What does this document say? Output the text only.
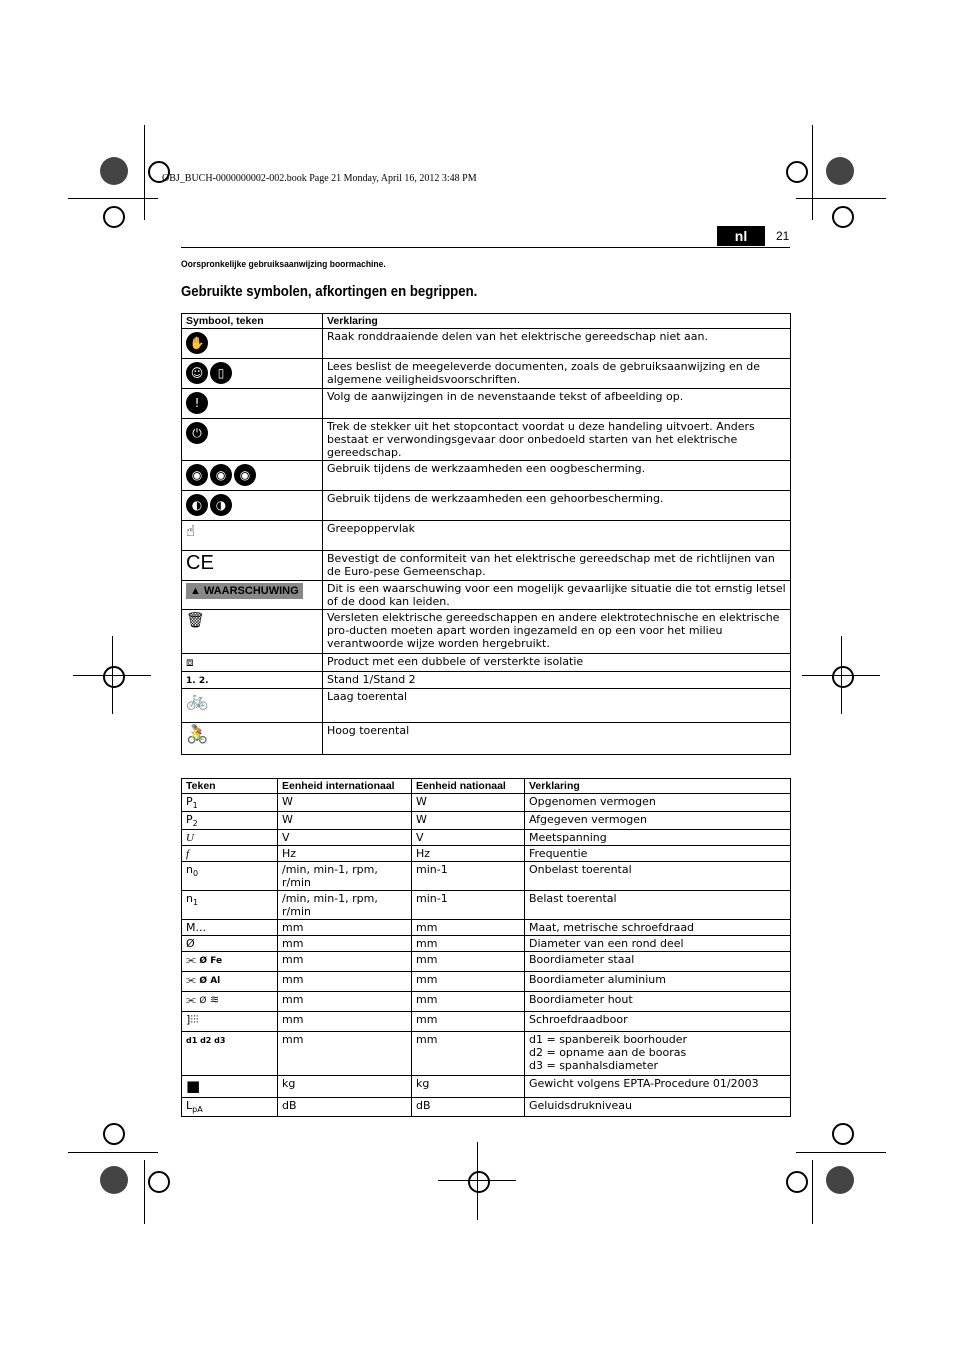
OBJ_BUCH-0000000002-002.book Page 21 Monday, April 16, 2012 3:48 PM
nl	21
Oorspronkelijke gebruiksaanwijzing boormachine.
Gebruikte symbolen, afkortingen en begrippen.
Symbool, teken	Verklaring
✋	Raak ronddraaiende delen van het elektrische gereedschap niet aan.
☺ ▯	Lees beslist de meegeleverde documenten, zoals de gebruiksaanwijzing en de algemene veiligheidsvoorschriften.
!	Volg de aanwijzingen in de nevenstaande tekst of afbeelding op.
⏻	Trek de stekker uit het stopcontact voordat u deze handeling uitvoert. Anders bestaat er verwondingsgevaar door onbedoeld starten van het elektrische gereedschap.
◉ ◉ ◉	Gebruik tijdens de werkzaamheden een oogbescherming.
◐ ◑	Gebruik tijdens de werkzaamheden een gehoorbescherming.
☝	Greepoppervlak
CE	Bevestigt de conformiteit van het elektrische gereedschap met de richtlijnen van de Euro-pese Gemeenschap.
▲ WAARSCHUWING	Dit is een waarschuwing voor een mogelijk gevaarlijke situatie die tot ernstig letsel of de dood kan leiden.
🗑	Versleten elektrische gereedschappen en andere elektrotechnische en elektrische pro-ducten moeten apart worden ingezameld en op een voor het milieu verantwoorde wijze worden hergebruikt.
⧈	Product met een dubbele of versterkte isolatie
1. 2.	Stand 1/Stand 2
🚲	Laag toerental
🚴	Hoog toerental
Teken	Eenheid internationaal	Eenheid nationaal	Verklaring
$P_1$	W	W	Opgenomen vermogen
$P_2$	W	W	Afgegeven vermogen
U	V	V	Meetspanning
f	Hz	Hz	Frequentie
$n_0$	/min, min-1, rpm, r/min	min-1	Onbelast toerental
$n_1$	/min, min-1, rpm, r/min	min-1	Belast toerental
M...	mm	mm	Maat, metrische schroefdraad
Ø	mm	mm	Diameter van een rond deel
⫘ Ø Fe	mm	mm	Boordiameter staal
⫘ Ø Al	mm	mm	Boordiameter aluminium
⫘ Ø ≋	mm	mm	Boordiameter hout
]⫶⫶⫶	mm	mm	Schroefdraadboor
d1 d2 d3	mm	mm	d1 = spanbereik boorhouder
d2 = opname aan de booras
d3 = spanhalsdiameter

■	kg	kg	Gewicht volgens EPTA-Procedure 01/2003
$L_{pA}$	dB	dB	Geluidsdrukniveau
